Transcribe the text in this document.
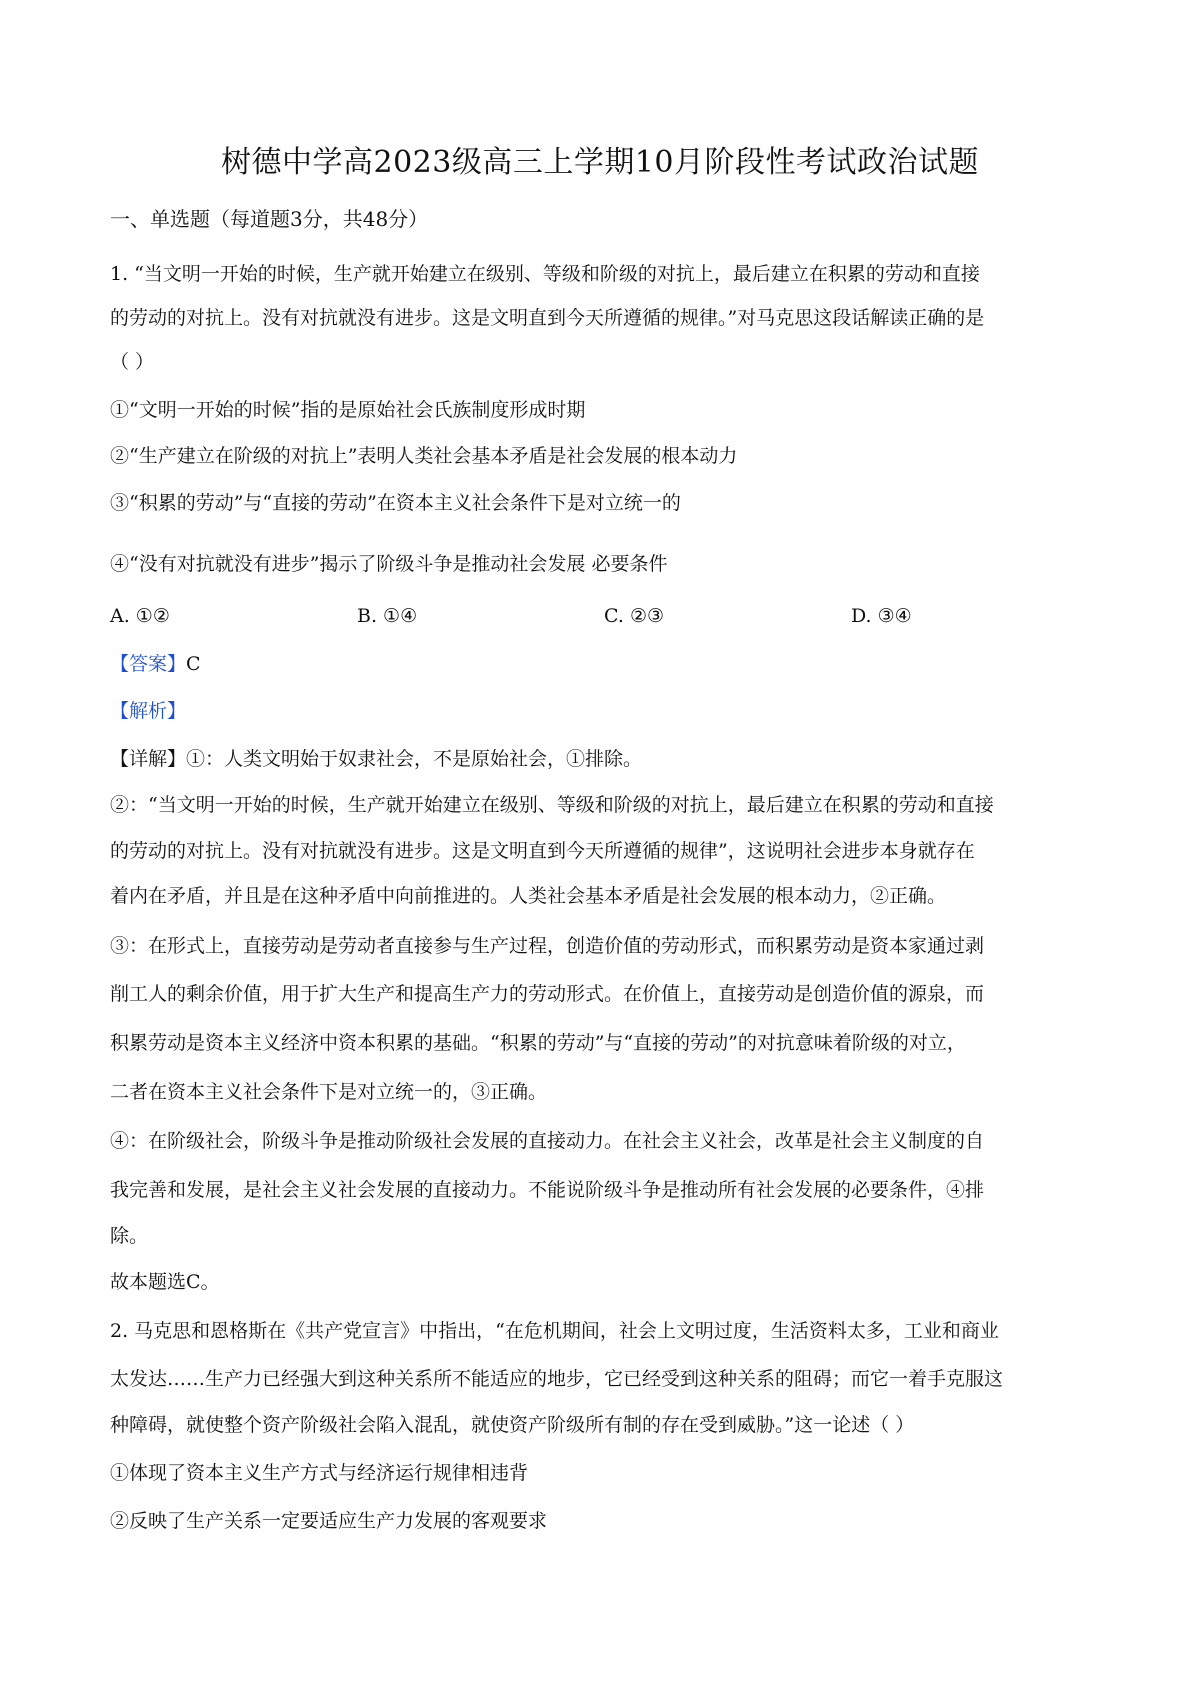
树德中学高2023级高三上学期10月阶段性考试政治试题
一、单选题（每道题3分，共48分）
1. “当文明一开始的时候，生产就开始建立在级别、等级和阶级的对抗上，最后建立在积累的劳动和直接
的劳动的对抗上。没有对抗就没有进步。这是文明直到今天所遵循的规律。”对马克思这段话解读正确的是
（ ）
①“文明一开始的时候”指的是原始社会氏族制度形成时期
②“生产建立在阶级的对抗上”表明人类社会基本矛盾是社会发展的根本动力
③“积累的劳动”与“直接的劳动”在资本主义社会条件下是对立统一的
④“没有对抗就没有进步”揭示了阶级斗争是推动社会发展 必要条件
A. ①②	B. ①④	C. ②③	D. ③④
【答案】C
【解析】
【详解】①：人类文明始于奴隶社会，不是原始社会，①排除。
②：“当文明一开始的时候，生产就开始建立在级别、等级和阶级的对抗上，最后建立在积累的劳动和直接
的劳动的对抗上。没有对抗就没有进步。这是文明直到今天所遵循的规律”，这说明社会进步本身就存在
着内在矛盾，并且是在这种矛盾中向前推进的。人类社会基本矛盾是社会发展的根本动力，②正确。
③：在形式上，直接劳动是劳动者直接参与生产过程，创造价值的劳动形式，而积累劳动是资本家通过剥
削工人的剩余价值，用于扩大生产和提高生产力的劳动形式。在价值上，直接劳动是创造价值的源泉，而
积累劳动是资本主义经济中资本积累的基础。“积累的劳动”与“直接的劳动”的对抗意味着阶级的对立，
二者在资本主义社会条件下是对立统一的，③正确。
④：在阶级社会，阶级斗争是推动阶级社会发展的直接动力。在社会主义社会，改革是社会主义制度的自
我完善和发展，是社会主义社会发展的直接动力。不能说阶级斗争是推动所有社会发展的必要条件，④排
除。
故本题选C。
2. 马克思和恩格斯在《共产党宣言》中指出，“在危机期间，社会上文明过度，生活资料太多，工业和商业
太发达……生产力已经强大到这种关系所不能适应的地步，它已经受到这种关系的阻碍；而它一着手克服这
种障碍，就使整个资产阶级社会陷入混乱，就使资产阶级所有制的存在受到威胁。”这一论述（ ）
①体现了资本主义生产方式与经济运行规律相违背
②反映了生产关系一定要适应生产力发展的客观要求
